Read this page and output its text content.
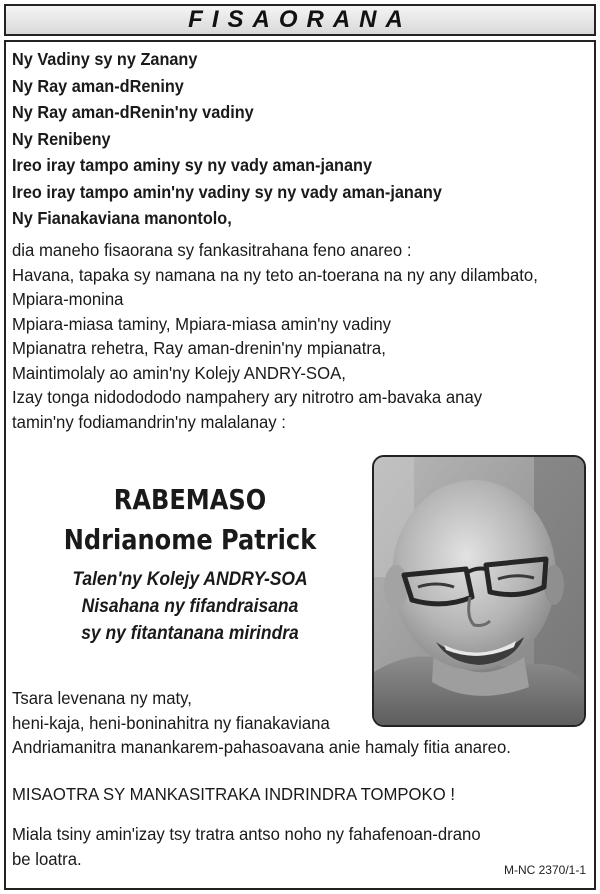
FISAORANA
Ny Vadiny sy ny Zanany
Ny Ray aman-dReniny
Ny Ray aman-dRenin'ny vadiny
Ny Renibeny
Ireo iray tampo aminy sy ny vady aman-janany
Ireo iray tampo amin'ny vadiny sy ny vady aman-janany
Ny Fianakaviana manontolo,
dia maneho fisaorana sy fankasitrahana feno anareo :
Havana, tapaka sy namana na ny teto an-toerana na ny any dilambato,
Mpiara-monina
Mpiara-miasa taminy, Mpiara-miasa amin'ny vadiny
Mpianatra rehetra, Ray aman-drenin'ny mpianatra,
Maintimolaly ao amin'ny Kolejy ANDRY-SOA,
Izay tonga nidodododo nampahery ary nitrotro am-bavaka anay
tamin'ny fodiamandrin'ny malalanay :
RABEMASO
Ndrianome Patrick
Talen'ny Kolejy ANDRY-SOA
Nisahana ny fifandraisana
sy ny fitantanana mirindra
Tsara levenana ny maty,
heni-kaja, heni-boninahitra ny fianakaviana
Andriamanitra manankarem-pahasoavana anie hamaly fitia anareo.
MISAOTRA SY MANKASITRAKA INDRINDRA TOMPOKO !
Miala tsiny amin'izay tsy tratra antso noho ny fahafenoan-drano
be loatra.
M-NC 2370/1-1
